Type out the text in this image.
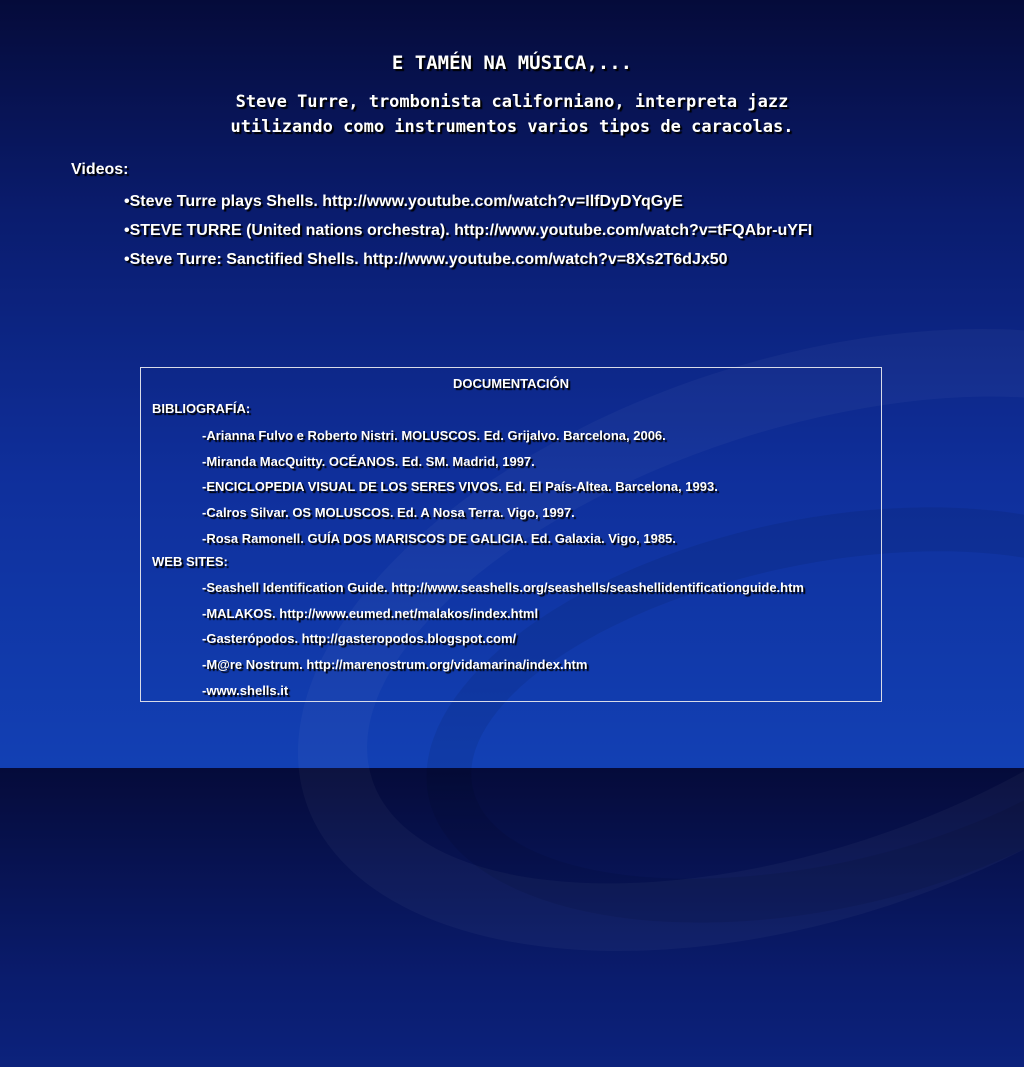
E TAMÉN NA MÚSICA,...

Steve Turre, trombonista californiano, interpreta jazz utilizando como instrumentos varios tipos de caracolas.

Videos:
•Steve Turre plays Shells. http://www.youtube.com/watch?v=IlfDyDYqGyE
•STEVE TURRE (United nations orchestra). http://www.youtube.com/watch?v=tFQAbr-uYFI
•Steve Turre: Sanctified Shells. http://www.youtube.com/watch?v=8Xs2T6dJx50
DOCUMENTACIÓN
BIBLIOGRAFÍA:
-Arianna Fulvo e Roberto Nistri. MOLUSCOS. Ed. Grijalvo. Barcelona, 2006.
-Miranda MacQuitty. OCÉANOS. Ed. SM. Madrid, 1997.
-ENCICLOPEDIA VISUAL DE LOS SERES VIVOS. Ed. El País-Altea. Barcelona, 1993.
-Calros Silvar. OS MOLUSCOS. Ed. A Nosa Terra. Vigo, 1997.
-Rosa Ramonell. GUÍA DOS MARISCOS DE GALICIA. Ed. Galaxia. Vigo, 1985.
WEB SITES:
-Seashell Identification Guide. http://www.seashells.org/seashells/seashellidentificationguide.htm
-MALAKOS. http://www.eumed.net/malakos/index.html
-Gasterópodos. http://gasteropodos.blogspot.com/
-M@re Nostrum. http://marenostrum.org/vidamarina/index.htm
-www.shells.it
